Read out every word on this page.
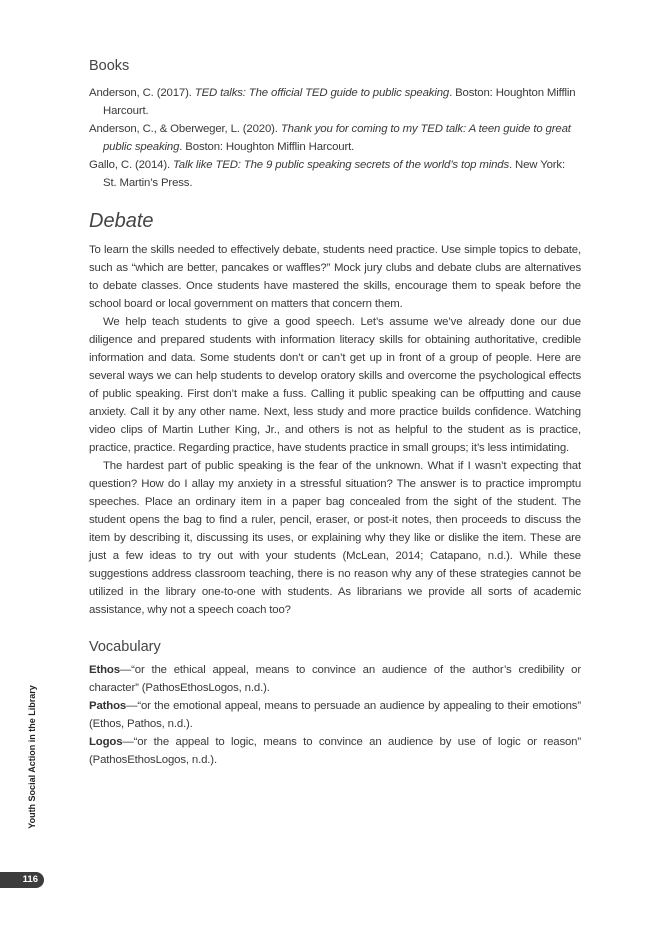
Books

Anderson, C. (2017). TED talks: The official TED guide to public speaking. Boston: Houghton Mifflin Harcourt.

Anderson, C., & Oberweger, L. (2020). Thank you for coming to my TED talk: A teen guide to great public speaking. Boston: Houghton Mifflin Harcourt.

Gallo, C. (2014). Talk like TED: The 9 public speaking secrets of the world’s top minds. New York: St. Martin’s Press.

Debate

To learn the skills needed to effectively debate, students need practice. Use simple topics to debate, such as “which are better, pancakes or waffles?” Mock jury clubs and debate clubs are alternatives to debate classes. Once students have mastered the skills, encourage them to speak before the school board or local government on matters that concern them.

We help teach students to give a good speech. Let’s assume we’ve already done our due diligence and prepared students with information literacy skills for obtaining authoritative, credible information and data. Some students don’t or can’t get up in front of a group of people. Here are several ways we can help students to develop oratory skills and overcome the psychological effects of public speaking. First don’t make a fuss. Calling it public speaking can be offputting and cause anxiety. Call it by any other name. Next, less study and more practice builds confidence. Watching video clips of Martin Luther King, Jr., and others is not as helpful to the student as is practice, practice, practice. Regarding practice, have students practice in small groups; it’s less intimidating.

The hardest part of public speaking is the fear of the unknown. What if I wasn’t expecting that question? How do I allay my anxiety in a stressful situation? The answer is to practice impromptu speeches. Place an ordinary item in a paper bag concealed from the sight of the student. The student opens the bag to find a ruler, pencil, eraser, or post-it notes, then proceeds to discuss the item by describing it, discussing its uses, or explaining why they like or dislike the item. These are just a few ideas to try out with your students (McLean, 2014; Catapano, n.d.). While these suggestions address classroom teaching, there is no reason why any of these strategies cannot be utilized in the library one-to-one with students. As librarians we provide all sorts of academic assistance, why not a speech coach too?

Vocabulary

Ethos—“or the ethical appeal, means to convince an audience of the author’s credibility or character” (PathosEthosLogos, n.d.).

Pathos—“or the emotional appeal, means to persuade an audience by appealing to their emotions” (Ethos, Pathos, n.d.).

Logos—“or the appeal to logic, means to convince an audience by use of logic or reason” (PathosEthosLogos, n.d.).

Youth Social Action in the Library
116
